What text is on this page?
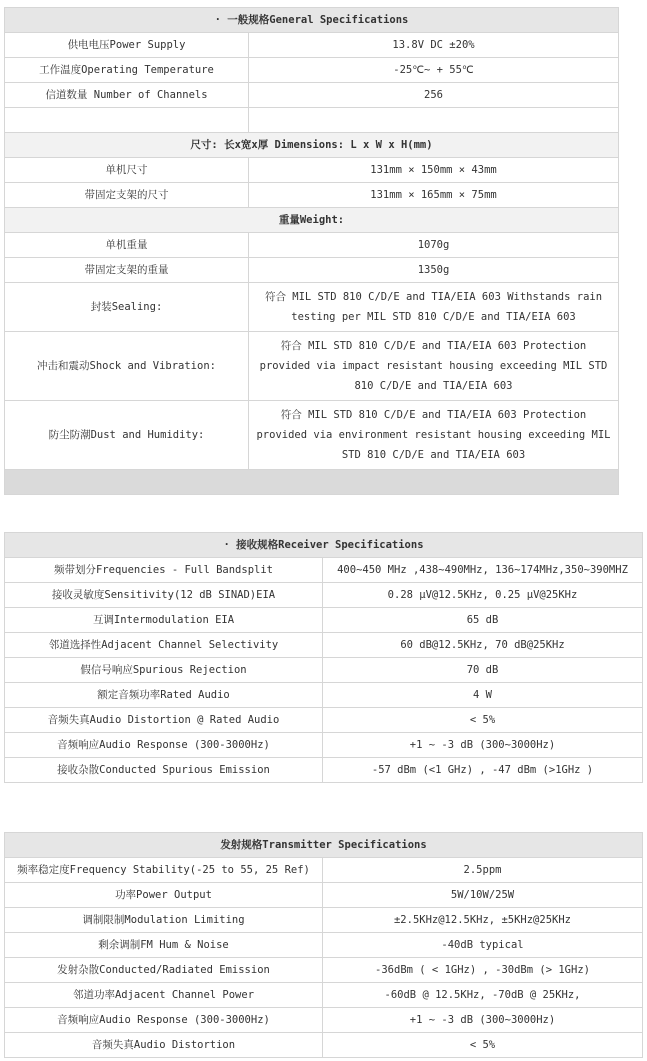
· 一般规格General Specifications	
供电电压Power Supply	13.8V DC ±20%
工作温度Operating Temperature	-25℃~ + 55℃
信道数量 Number of Channels	256

尺寸: 长x宽x厚 Dimensions: L x W x H(mm)	
单机尺寸	131mm × 150mm × 43mm
带固定支架的尺寸	131mm × 165mm × 75mm
重量Weight:	
单机重量	1070g
带固定支架的重量	1350g
封装Sealing:	符合 MIL STD 810 C/D/E and TIA/EIA 603 Withstands rain testing per MIL STD 810 C/D/E and TIA/EIA 603
冲击和震动Shock and Vibration:	符合 MIL STD 810 C/D/E and TIA/EIA 603 Protection provided via impact resistant housing exceeding MIL STD 810 C/D/E and TIA/EIA 603
防尘防潮Dust and Humidity:	符合 MIL STD 810 C/D/E and TIA/EIA 603 Protection provided via environment resistant housing exceeding MIL STD 810 C/D/E and TIA/EIA 603

· 接收规格Receiver Specifications	
频带划分Frequencies - Full Bandsplit	400~450 MHz ,438~490MHz, 136~174MHz,350~390MHZ
接收灵敏度Sensitivity(12 dB SINAD)EIA	0.28 μV@12.5KHz, 0.25 μV@25KHz
互调Intermodulation EIA	65 dB
邻道选择性Adjacent Channel Selectivity	60 dB@12.5KHz, 70 dB@25KHz
假信号响应Spurious Rejection	70 dB
额定音频功率Rated Audio	4 W
音频失真Audio Distortion @ Rated Audio	< 5%
音频响应Audio Response (300-3000Hz)	+1 ~ -3 dB (300~3000Hz)
接收杂散Conducted Spurious Emission	-57 dBm (<1 GHz) , -47 dBm (>1GHz )
发射规格Transmitter Specifications	
频率稳定度Frequency Stability(-25 to 55, 25 Ref)	2.5ppm
功率Power Output	5W/10W/25W
调制限制Modulation Limiting	±2.5KHz@12.5KHz, ±5KHz@25KHz
剩余调制FM Hum & Noise	-40dB typical
发射杂散Conducted/Radiated Emission	-36dBm ( < 1GHz) , -30dBm (> 1GHz)
邻道功率Adjacent Channel Power	-60dB @ 12.5KHz, -70dB @ 25KHz,
音频响应Audio Response (300-3000Hz)	+1 ~ -3 dB (300~3000Hz)
音频失真Audio Distortion	< 5%
